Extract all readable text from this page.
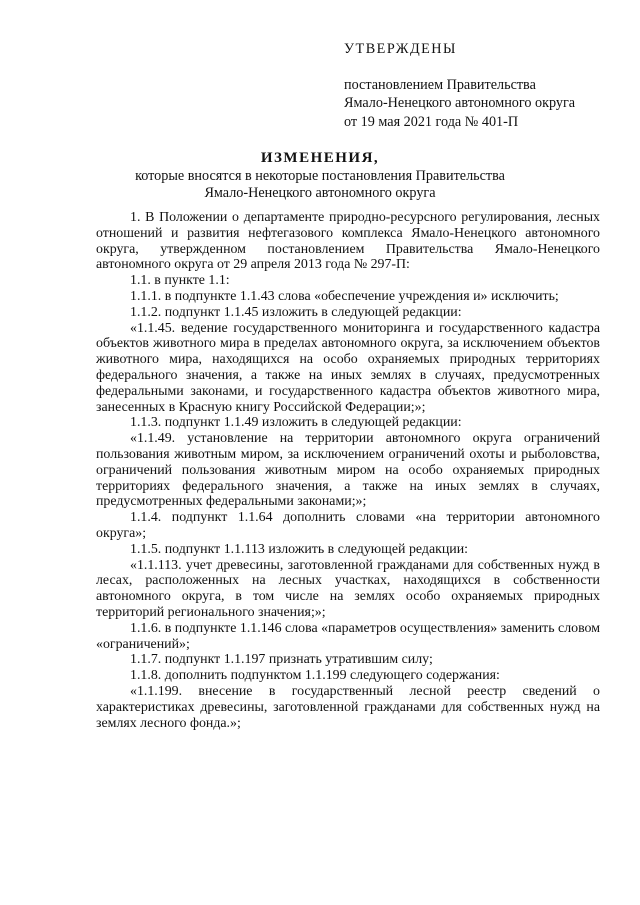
УТВЕРЖДЕНЫ
постановлением Правительства
Ямало-Ненецкого автономного округа
от 19 мая 2021 года № 401-П
ИЗМЕНЕНИЯ,
которые вносятся в некоторые постановления Правительства
Ямало-Ненецкого автономного округа

1. В Положении о департаменте природно-ресурсного регулирования, лесных отношений и развития нефтегазового комплекса Ямало-Ненецкого автономного округа, утвержденном постановлением Правительства Ямало-Ненецкого автономного округа от 29 апреля 2013 года № 297-П:

1.1. в пункте 1.1:

1.1.1. в подпункте 1.1.43 слова «обеспечение учреждения и» исключить;

1.1.2. подпункт 1.1.45 изложить в следующей редакции:

«1.1.45. ведение государственного мониторинга и государственного кадастра объектов животного мира в пределах автономного округа, за исключением объектов животного мира, находящихся на особо охраняемых природных территориях федерального значения, а также на иных землях в случаях, предусмотренных федеральными законами, и государственного кадастра объектов животного мира, занесенных в Красную книгу Российской Федерации;»;

1.1.3. подпункт 1.1.49 изложить в следующей редакции:

«1.1.49. установление на территории автономного округа ограничений пользования животным миром, за исключением ограничений охоты и рыболовства, ограничений пользования животным миром на особо охраняемых природных территориях федерального значения, а также на иных землях в случаях, предусмотренных федеральными законами;»;

1.1.4. подпункт 1.1.64 дополнить словами «на территории автономного округа»;

1.1.5. подпункт 1.1.113 изложить в следующей редакции:

«1.1.113. учет древесины, заготовленной гражданами для собственных нужд в лесах, расположенных на лесных участках, находящихся в собственности автономного округа, в том числе на землях особо охраняемых природных территорий регионального значения;»;

1.1.6. в подпункте 1.1.146 слова «параметров осуществления» заменить словом «ограничений»;

1.1.7. подпункт 1.1.197 признать утратившим силу;

1.1.8. дополнить подпунктом 1.1.199 следующего содержания:

«1.1.199. внесение в государственный лесной реестр сведений о характеристиках древесины, заготовленной гражданами для собственных нужд на землях лесного фонда.»;
